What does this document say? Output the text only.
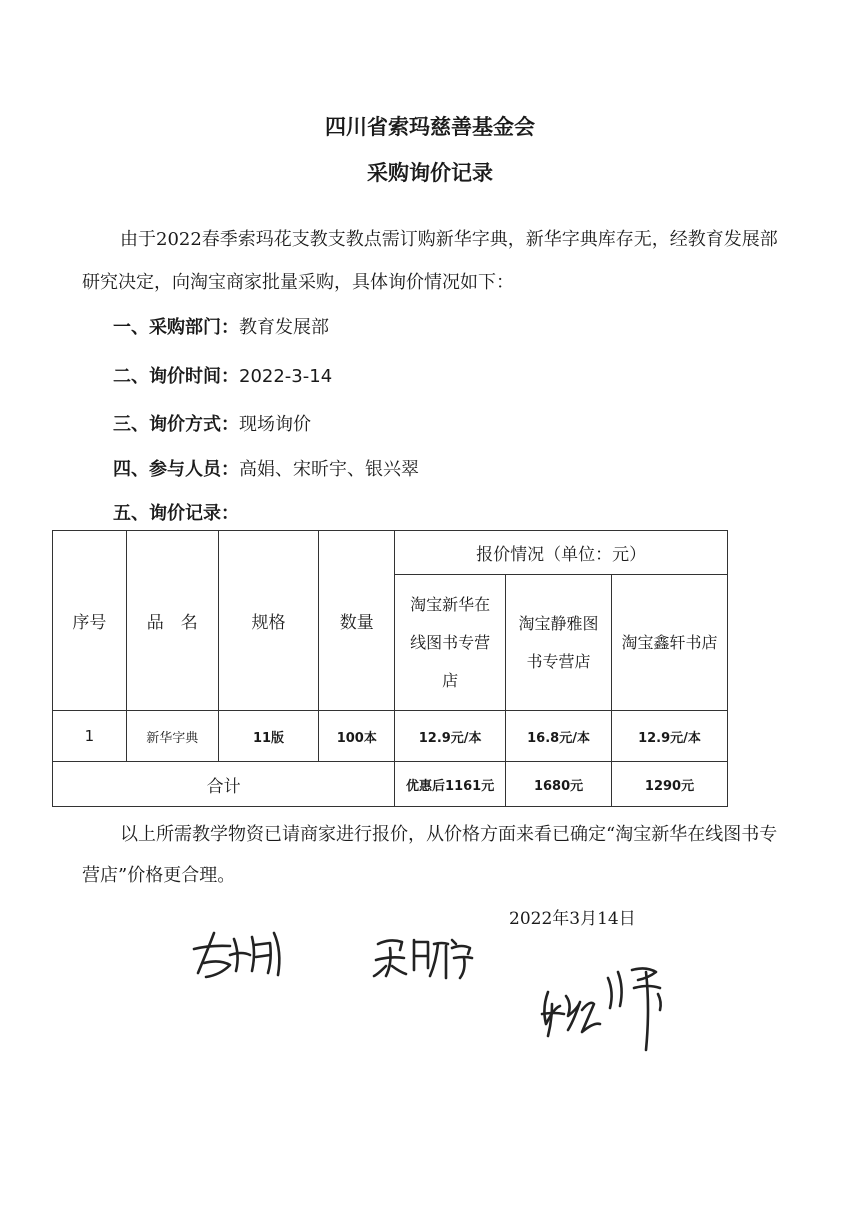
四川省索玛慈善基金会
采购询价记录
由于2022春季索玛花支教支教点需订购新华字典，新华字典库存无，经教育发展部研究决定，向淘宝商家批量采购，具体询价情况如下：
一、采购部门：教育发展部
二、询价时间：2022-3-14
三、询价方式：现场询价
四、参与人员：高娟、宋昕宇、银兴翠
五、询价记录：
序号	品　名	规格	数量	报价情况（单位：元）		

				淘宝新华在线图书专营店	淘宝静雅图书专营店	淘宝鑫轩书店

1	新华字典	11版	100本	12.9元/本	16.8元/本	12.9元/本
合计				优惠后1161元	1680元	1290元
以上所需教学物资已请商家进行报价，从价格方面来看已确定“淘宝新华在线图书专营店”价格更合理。
2022年3月14日
